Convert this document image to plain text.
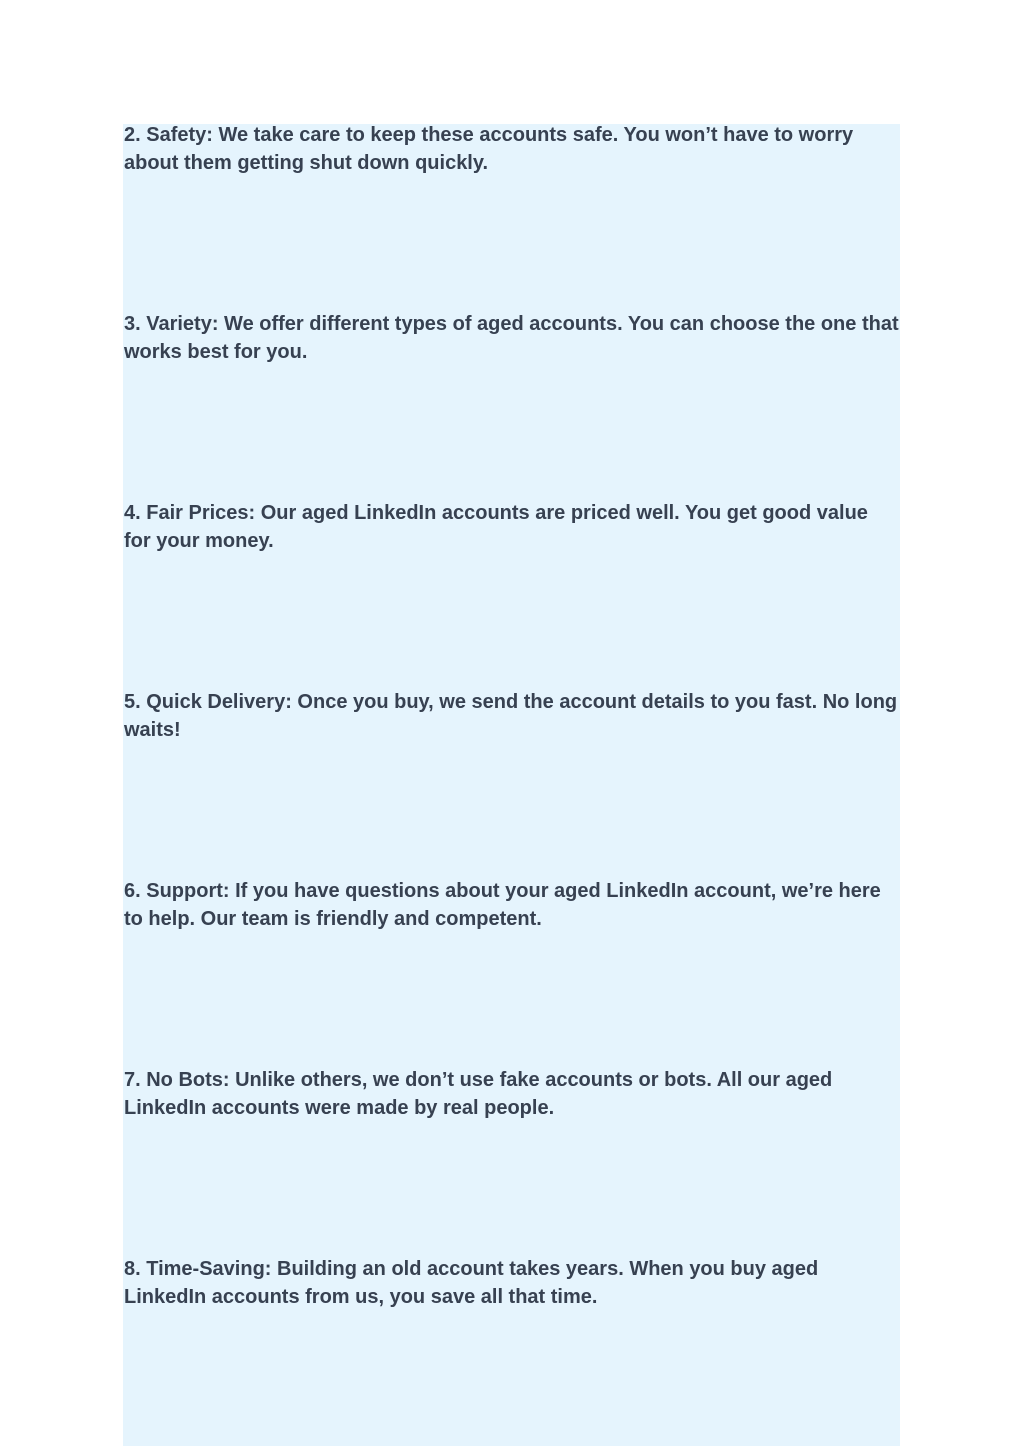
2. Safety: We take care to keep these accounts safe. You won’t have to worry about them getting shut down quickly.

3. Variety: We offer different types of aged accounts. You can choose the one that works best for you.

4. Fair Prices: Our aged LinkedIn accounts are priced well. You get good value for your money.

5. Quick Delivery: Once you buy, we send the account details to you fast. No long waits!

6. Support: If you have questions about your aged LinkedIn account, we’re here to help. Our team is friendly and competent.

7. No Bots: Unlike others, we don’t use fake accounts or bots. All our aged LinkedIn accounts were made by real people.

8. Time-Saving: Building an old account takes years. When you buy aged LinkedIn accounts from us, you save all that time.
